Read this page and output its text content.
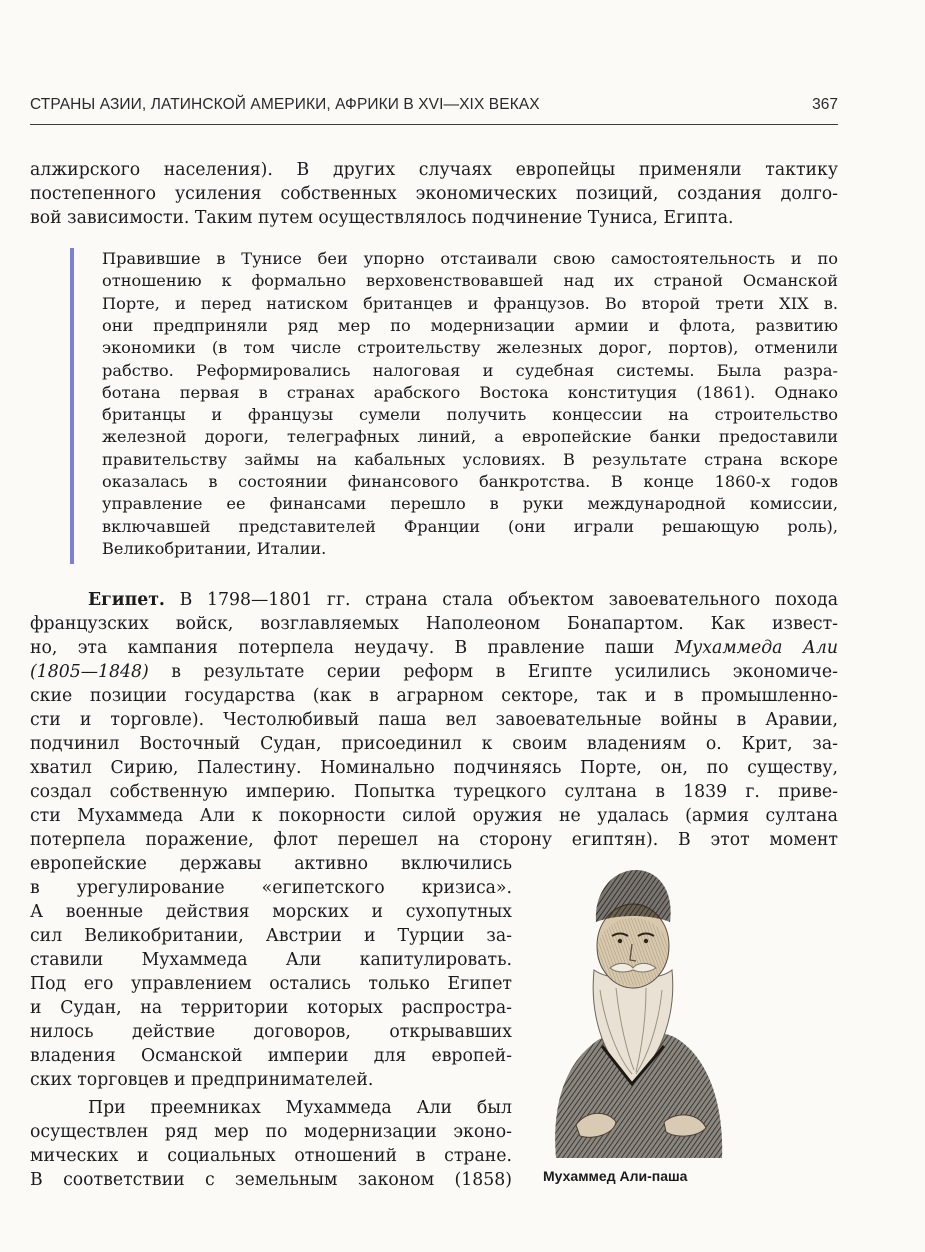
СТРАНЫ АЗИИ, ЛАТИНСКОЙ АМЕРИКИ, АФРИКИ В XVI—XIX ВЕКАХ	367
алжирского населения). В других случаях европейцы применяли тактику
постепенного усиления собственных экономических позиций, создания долго-
вой зависимости. Таким путем осуществлялось подчинение Туниса, Египта.
Правившие в Тунисе беи упорно отстаивали свою самостоятельность и по
отношению к формально верховенствовавшей над их страной Османской
Порте, и перед натиском британцев и французов. Во второй трети XIX в.
они предприняли ряд мер по модернизации армии и флота, развитию
экономики (в том числе строительству железных дорог, портов), отменили
рабство. Реформировались налоговая и судебная системы. Была разра-
ботана первая в странах арабского Востока конституция (1861). Однако
британцы и французы сумели получить концессии на строительство
железной дороги, телеграфных линий, а европейские банки предоставили
правительству займы на кабальных условиях. В результате страна вскоре
оказалась в состоянии финансового банкротства. В конце 1860-х годов
управление ее финансами перешло в руки международной комиссии,
включавшей представителей Франции (они играли решающую роль),
Великобритании, Италии.
Египет. В 1798—1801 гг. страна стала объектом завоевательного похода
французских войск, возглавляемых Наполеоном Бонапартом. Как извест-
но, эта кампания потерпела неудачу. В правление паши Мухаммеда Али
(1805—1848) в результате серии реформ в Египте усилились экономиче-
ские позиции государства (как в аграрном секторе, так и в промышленно-
сти и торговле). Честолюбивый паша вел завоевательные войны в Аравии,
подчинил Восточный Судан, присоединил к своим владениям о. Крит, за-
хватил Сирию, Палестину. Номинально подчиняясь Порте, он, по существу,
создал собственную империю. Попытка турецкого султана в 1839 г. приве-
сти Мухаммеда Али к покорности силой оружия не удалась (армия султана
потерпела поражение, флот перешел на сторону египтян). В этот момент
европейские державы активно включились
в урегулирование «египетского кризиса».
А военные действия морских и сухопутных
сил Великобритании, Австрии и Турции за-
ставили Мухаммеда Али капитулировать.
Под его управлением остались только Египет
и Судан, на территории которых распростра-
нилось действие договоров, открывавших
владения Османской империи для европей-
ских торговцев и предпринимателей.
При преемниках Мухаммеда Али был
осуществлен ряд мер по модернизации эконо-
мических и социальных отношений в стране.
В соответствии с земельным законом (1858) Мухаммед Али-паша
